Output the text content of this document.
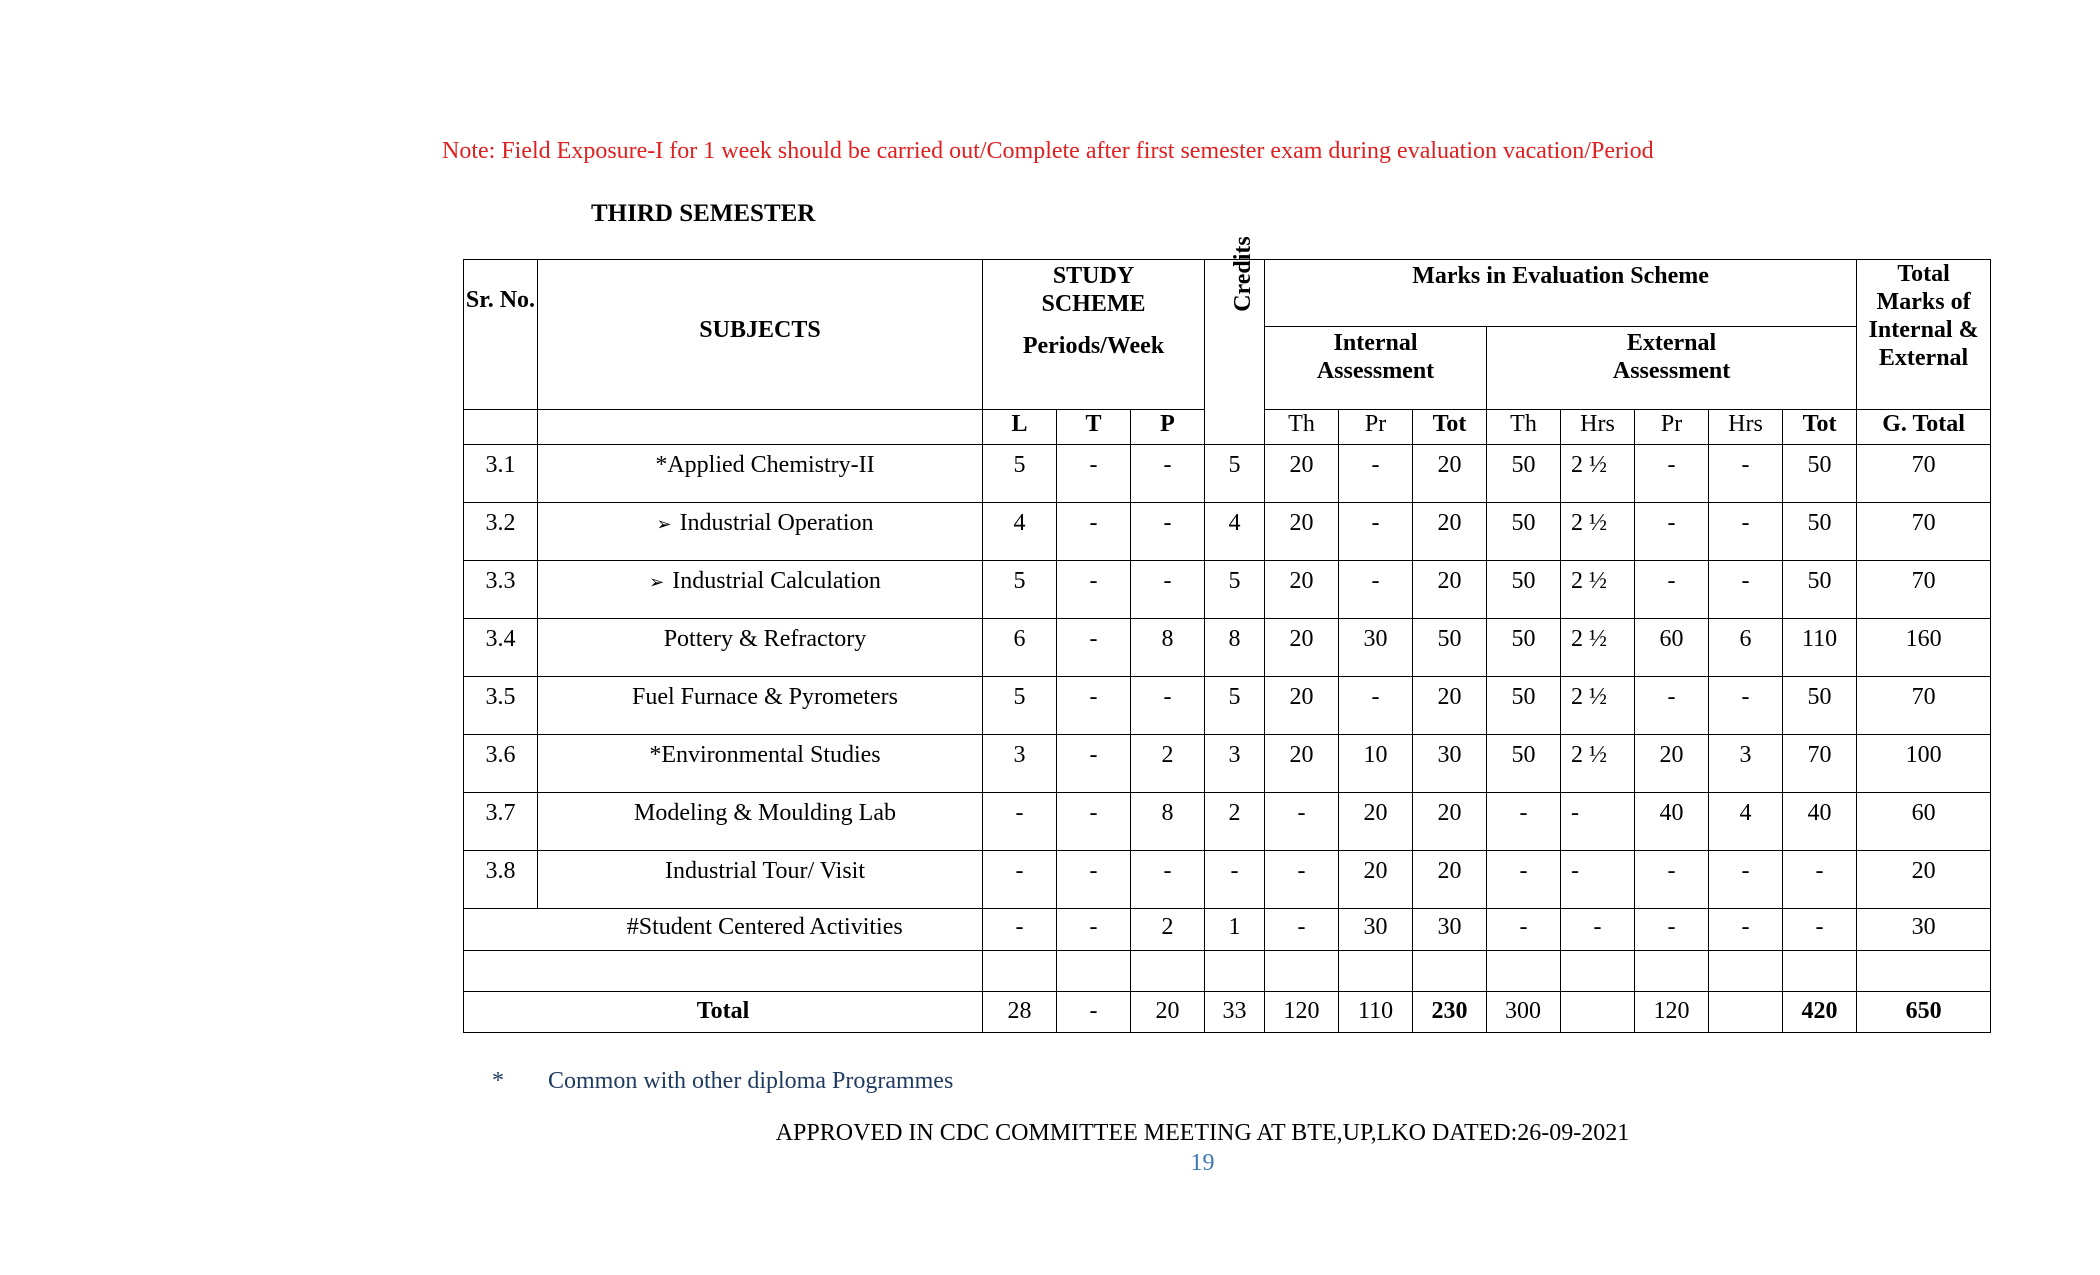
Note: Field Exposure-I for 1 week should be carried out/Complete after first semester exam during evaluation vacation/Period
THIRD SEMESTER
Sr. No.	SUBJECTS	STUDY SCHEME
Periods/Week			Credits	Marks in Evaluation Scheme								Total Marks of Internal & External
						Internal Assessment			External Assessment					
		L	T	P		Th	Pr	Tot	Th	Hrs	Pr	Hrs	Tot	G. Total
3.1	*Applied Chemistry-II	5	-	-	5	20	-	20	50	2 ½	-	-	50	70
3.2	➢ Industrial Operation	4	-	-	4	20	-	20	50	2 ½	-	-	50	70
3.3	➢ Industrial Calculation	5	-	-	5	20	-	20	50	2 ½	-	-	50	70
3.4	Pottery & Refractory	6	-	8	8	20	30	50	50	2 ½	60	6	110	160
3.5	Fuel Furnace & Pyrometers	5	-	-	5	20	-	20	50	2 ½	-	-	50	70
3.6	*Environmental Studies	3	-	2	3	20	10	30	50	2 ½	20	3	70	100
3.7	Modeling & Moulding Lab	-	-	8	2	-	20	20	-	-	40	4	40	60
3.8	Industrial Tour/ Visit	-	-	-	-	-	20	20	-	-	-	-	-	20
	#Student Centered Activities	-	-	2	1	-	30	30	-	-	-	-	-	30

Total		28	-	20	33	120	110	230	300		120		420	650
* Common with other diploma Programmes
APPROVED IN CDC COMMITTEE MEETING AT BTE,UP,LKO DATED:26-09-2021
19
